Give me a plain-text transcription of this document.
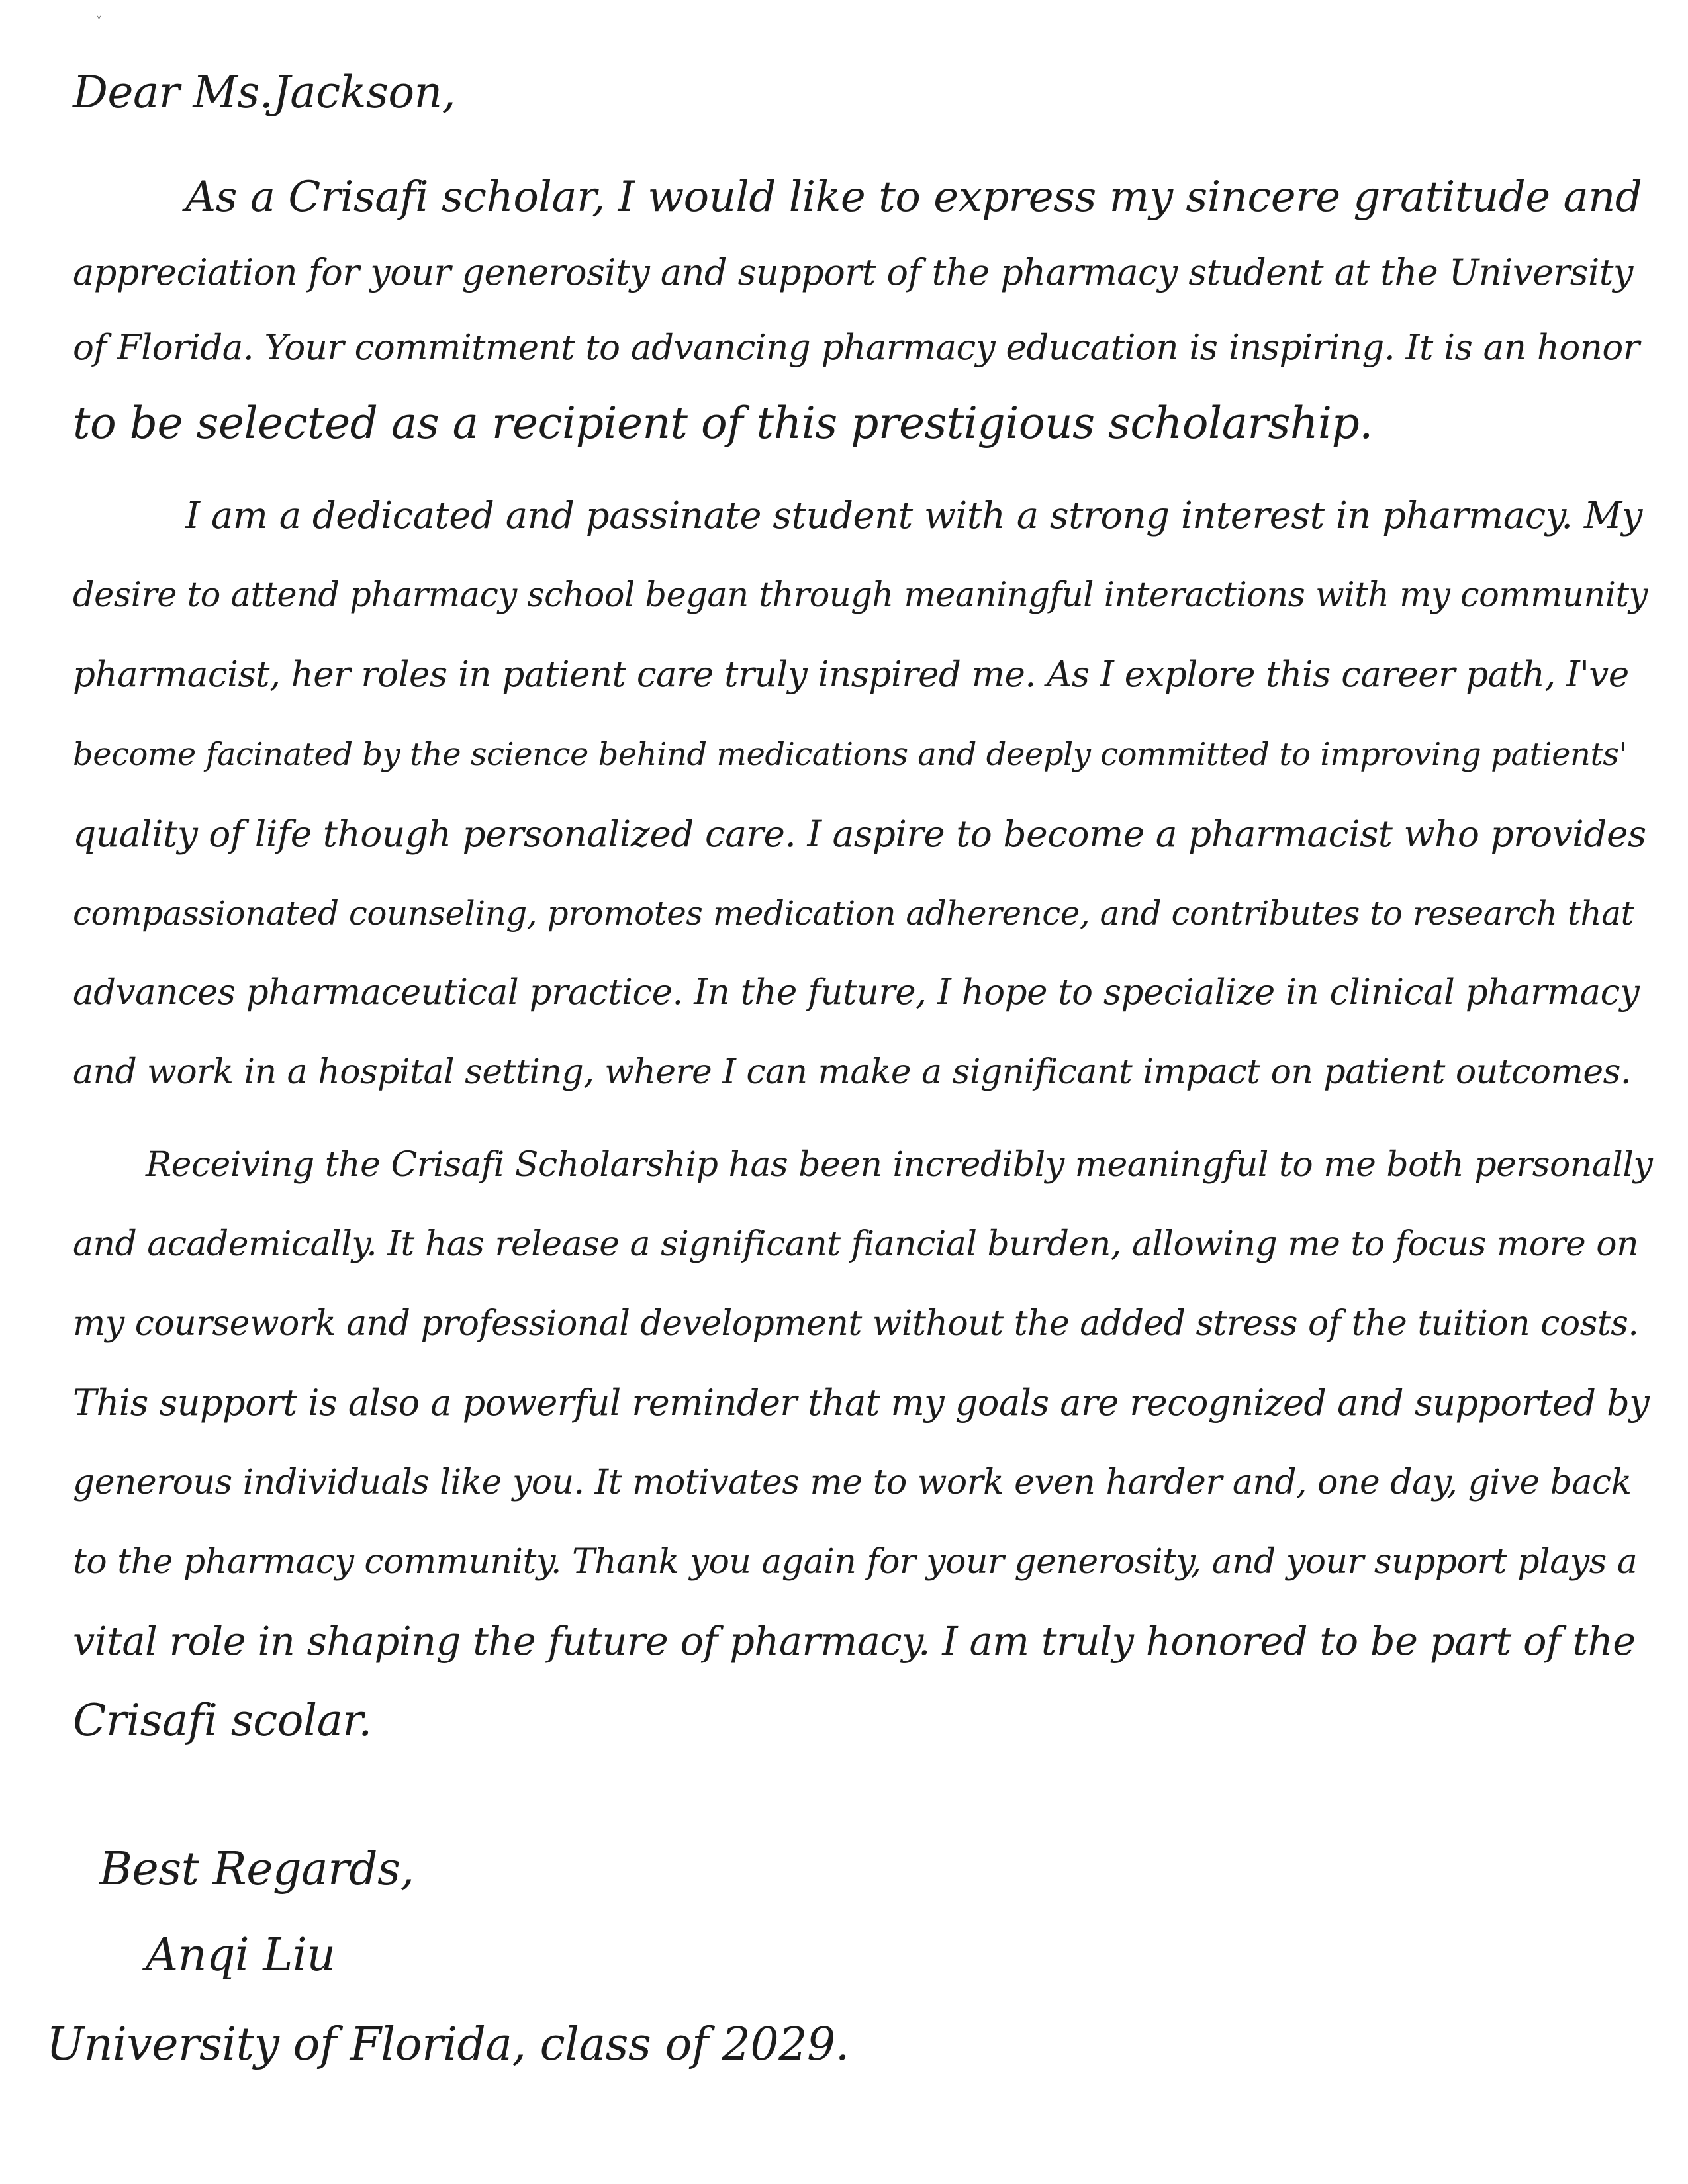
˅
Dear Ms.Jackson,
As a Crisafi scholar, I would like to express my sincere gratitude and
appreciation for your generosity and support of the pharmacy student at the University
of Florida. Your commitment to advancing pharmacy education is inspiring. It is an honor
to be selected as a recipient of this prestigious scholarship.
I am a dedicated and passinate student with a strong interest in pharmacy. My
desire to attend pharmacy school began through meaningful interactions with my community
pharmacist, her roles in patient care truly inspired me. As I explore this career path, I've
become facinated by the science behind medications and deeply committed to improving patients'
quality of life though personalized care. I aspire to become a pharmacist who provides
compassionated counseling, promotes medication adherence, and contributes to research that
advances pharmaceutical practice. In the future, I hope to specialize in clinical pharmacy
and work in a hospital setting, where I can make a significant impact on patient outcomes.
Receiving the Crisafi Scholarship has been incredibly meaningful to me both personally
and academically. It has release a significant fiancial burden, allowing me to focus more on
my coursework and professional development without the added stress of the tuition costs.
This support is also a powerful reminder that my goals are recognized and supported by
generous individuals like you. It motivates me to work even harder and, one day, give back
to the pharmacy community. Thank you again for your generosity, and your support plays a
vital role in shaping the future of pharmacy. I am truly honored to be part of the
Crisafi scolar.
Best Regards,
Anqi Liu
University of Florida, class of 2029.
